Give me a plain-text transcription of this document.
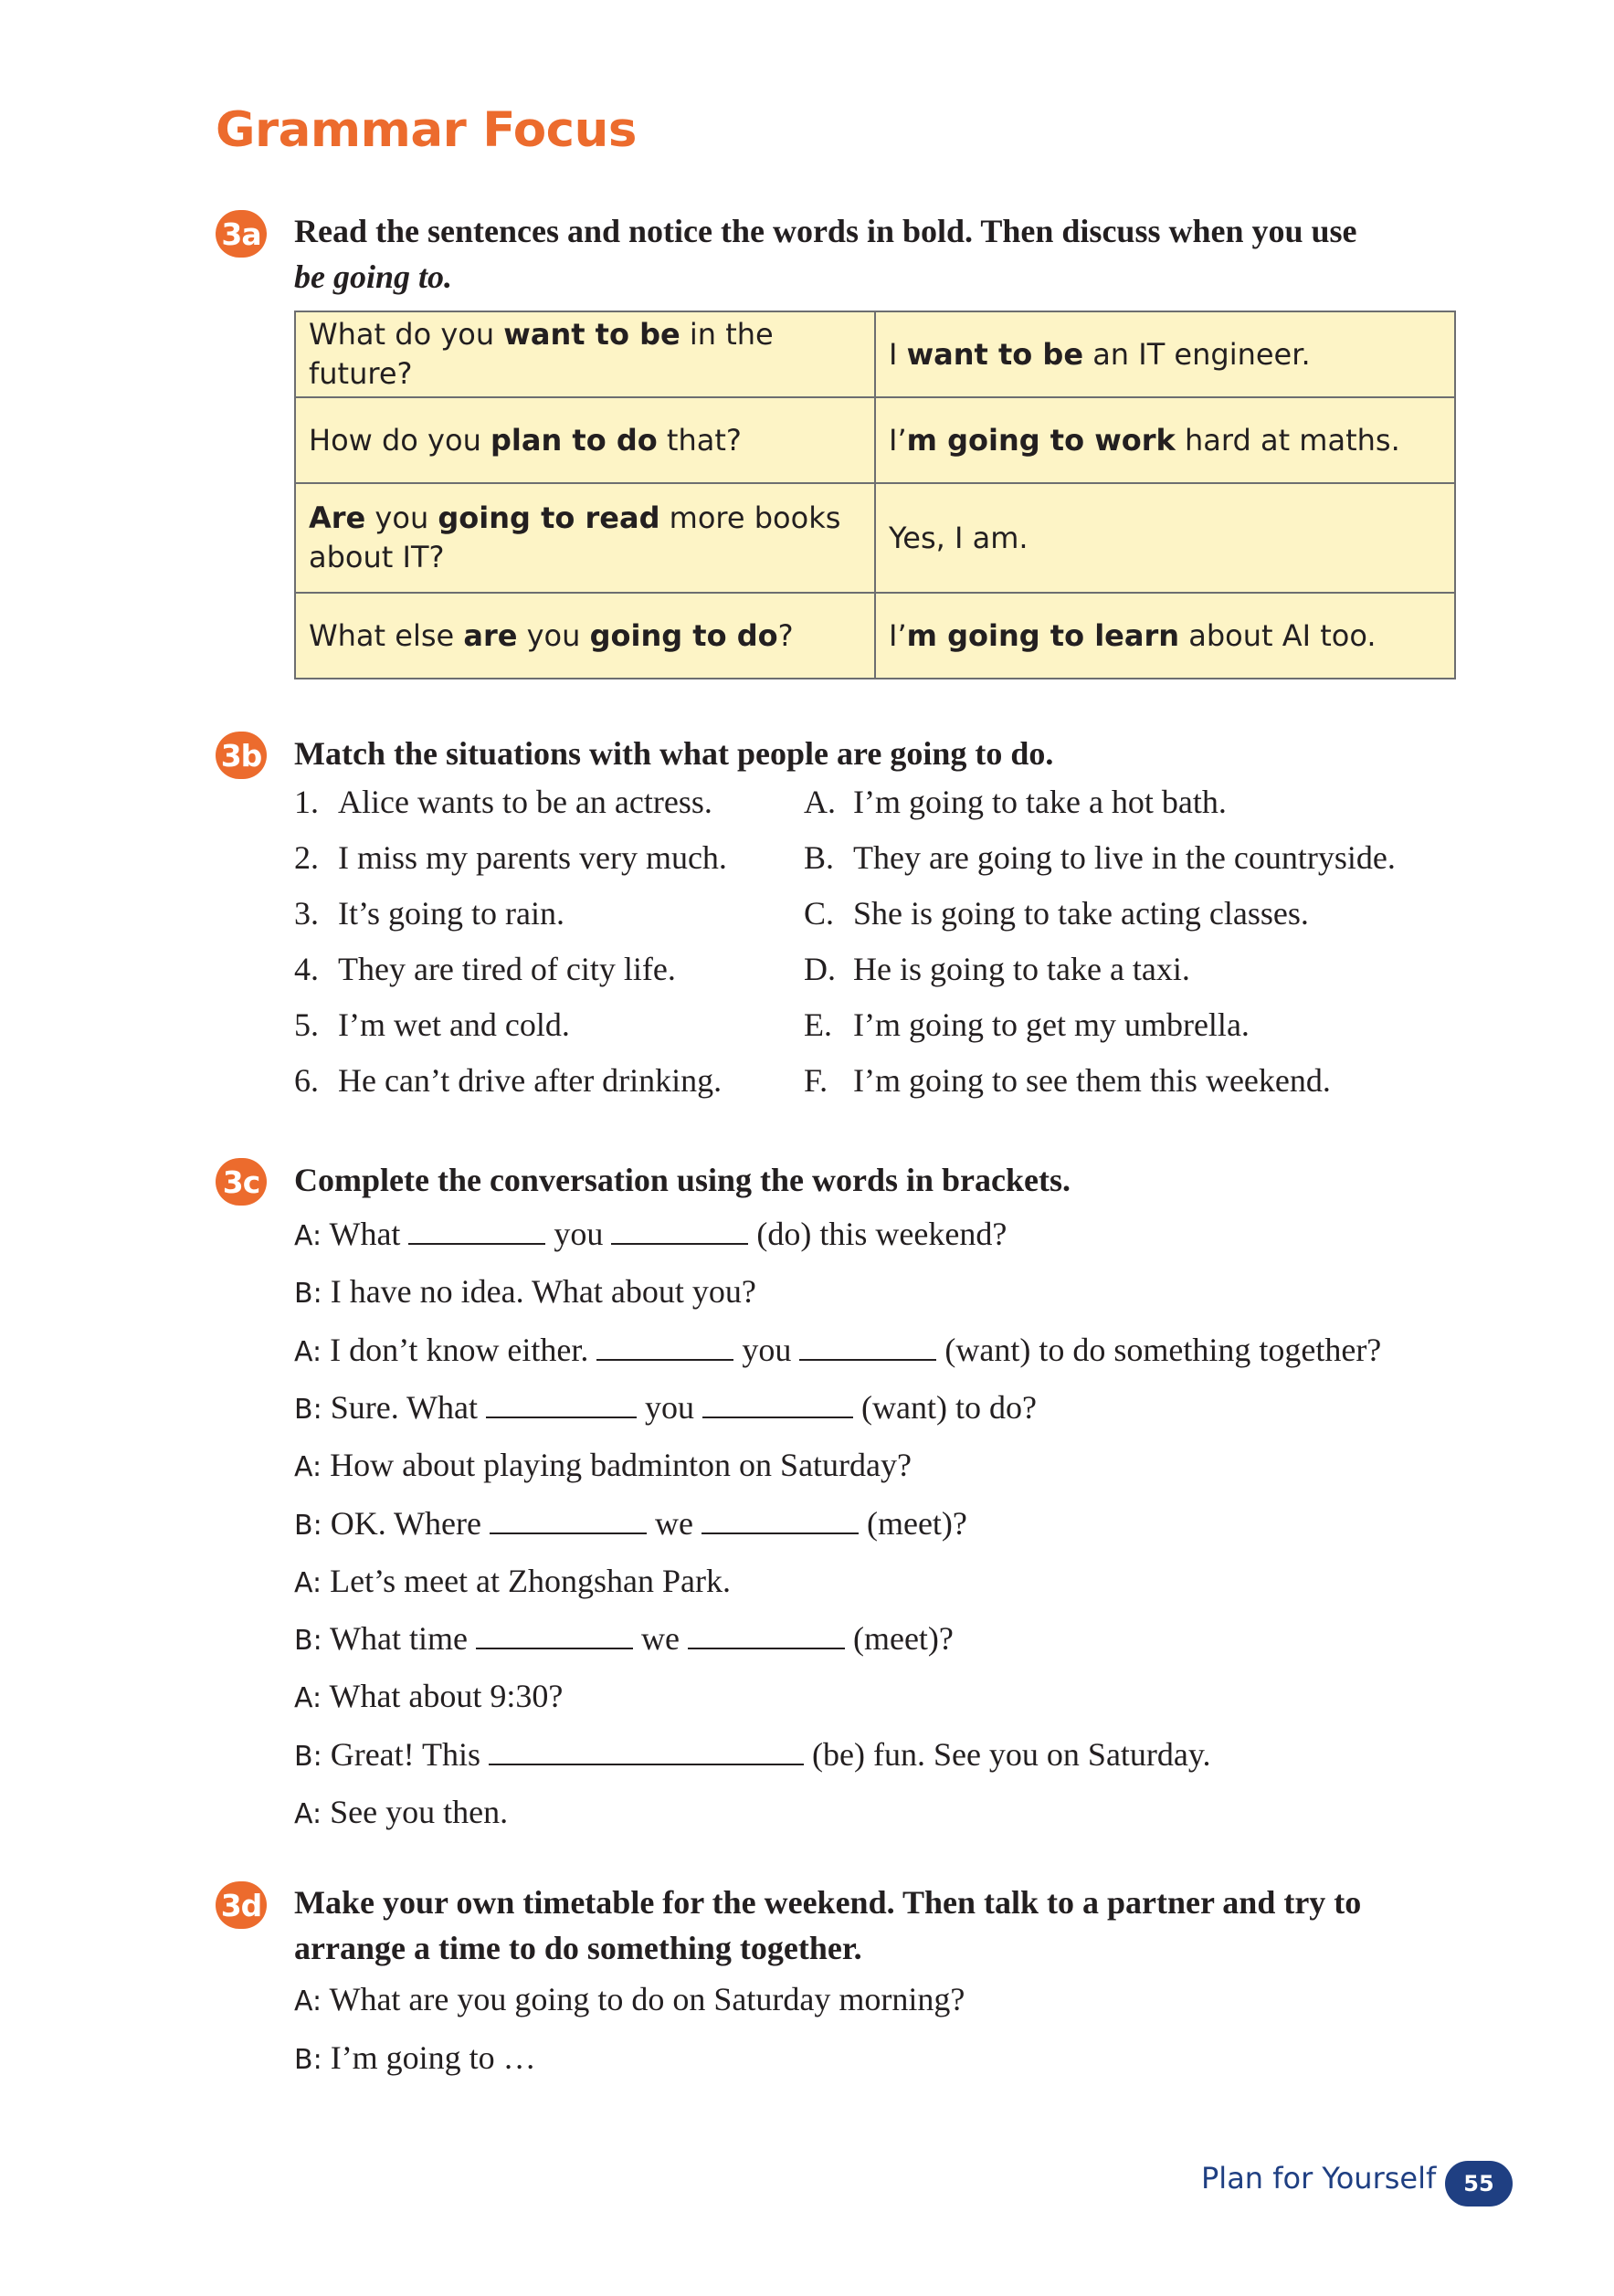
Grammar Focus
3a Read the sentences and notice the words in bold. Then discuss when you use
be going to.

What do you want to be in the future?	I want to be an IT engineer.
How do you plan to do that?	I’m going to work hard at maths.
Are you going to read more books about IT?	Yes, I am.
What else are you going to do?	I’m going to learn about AI too.
3b Match the situations with what people are going to do.

1. Alice wants to be an actress.	A. I’m going to take a hot bath.
2. I miss my parents very much. B. They are going to live in the countryside.
3. It’s going to rain.	C. She is going to take acting classes.
4. They are tired of city life.	D. He is going to take a taxi.
5. I’m wet and cold.	E. I’m going to get my umbrella.
6. He can’t drive after drinking. F. I’m going to see them this weekend.
3c Complete the conversation using the words in brackets.

A: What	you	(do) this weekend?
B: I have no idea. What about you?
A: I don’t know either.	you	(want) to do something together?
B: Sure. What	you	(want) to do?
A: How about playing badminton on Saturday?
B: OK. Where	we	(meet)?
A: Let’s meet at Zhongshan Park.
B: What time	we	(meet)?
A: What about 9:30?
B: Great! This	(be) fun. See you on Saturday.
A: See you then.
3d Make your own timetable for the weekend. Then talk to a partner and try to arrange a time to do something together.

A: What are you going to do on Saturday morning?
B: I’m going to …
Plan for Yourself	55
